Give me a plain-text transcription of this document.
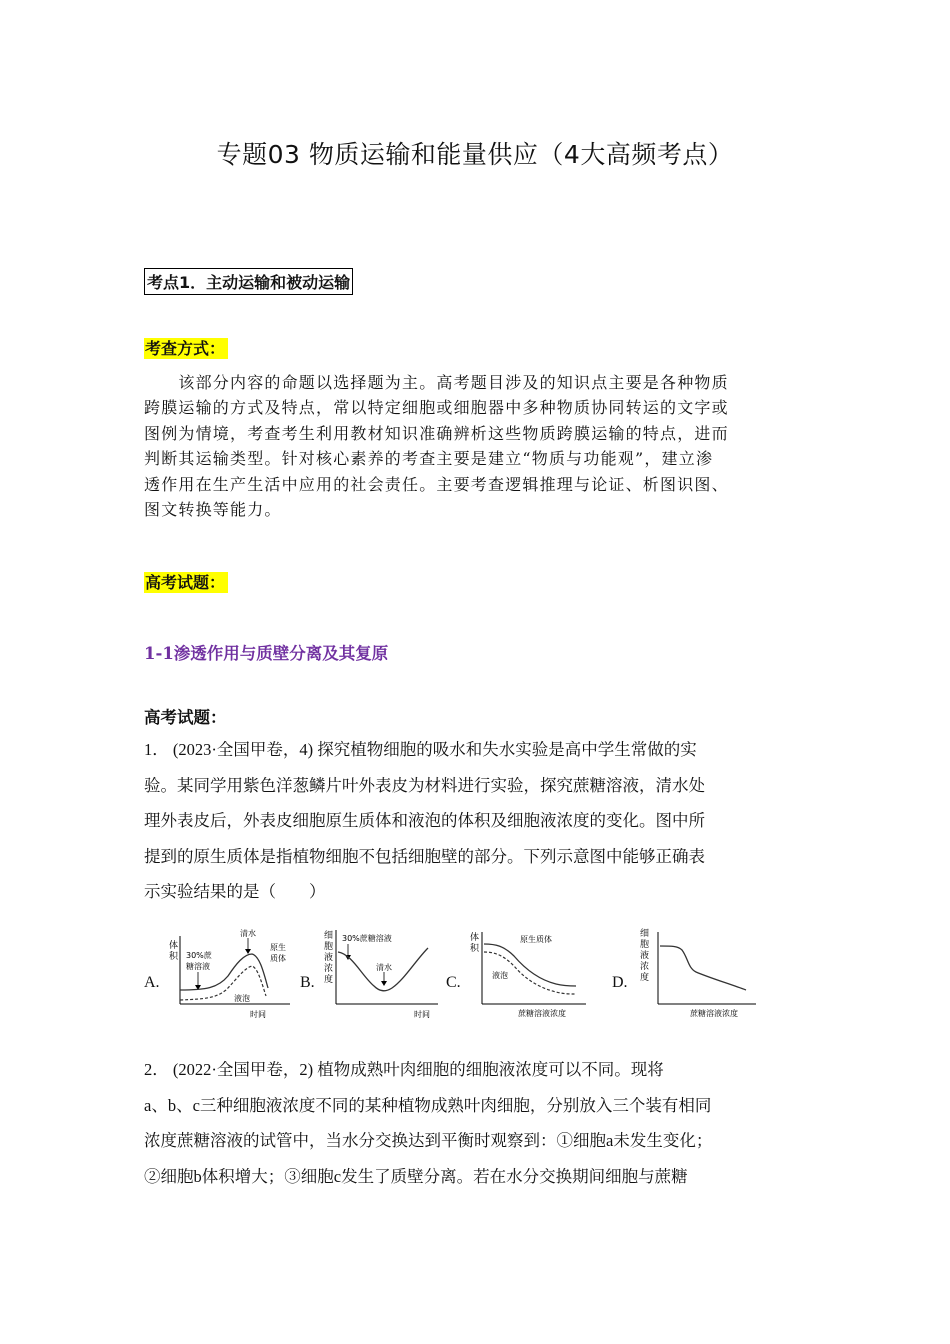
专题03 物质运输和能量供应（4大高频考点）
考点1．主动运输和被动运输
考查方式：

　　该部分内容的命题以选择题为主。高考题目涉及的知识点主要是各种物质

跨膜运输的方式及特点，常以特定细胞或细胞器中多种物质协同转运的文字或

图例为情境，考查考生利用教材知识准确辨析这些物质跨膜运输的特点，进而

判断其运输类型。针对核心素养的考查主要是建立“物质与功能观”，建立渗

透作用在生产生活中应用的社会责任。主要考查逻辑推理与论证、析图识图、

图文转换等能力。

高考试题：
1-1渗透作用与质壁分离及其复原
高考试题：
1． (2023·全国甲卷，4) 探究植物细胞的吸水和失水实验是高中学生常做的实
验。某同学用紫色洋葱鳞片叶外表皮为材料进行实验，探究蔗糖溶液，清水处
理外表皮后，外表皮细胞原生质体和液泡的体积及细胞液浓度的变化。图中所
提到的原生质体是指植物细胞不包括细胞壁的部分。下列示意图中能够正确表
示实验结果的是（　　）
A.
体
积 30%蔗
糖溶液
清水
原生
质体
液泡
时间
B.
细
胞
液
浓
度
30%蔗糖溶液
清水
时间
C.
体
积
原生质体
液泡
蔗糖溶液浓度
D.
细
胞
液
浓
度
蔗糖溶液浓度
2． (2022·全国甲卷，2) 植物成熟叶肉细胞的细胞液浓度可以不同。现将
a、b、c三种细胞液浓度不同的某种植物成熟叶肉细胞，分别放入三个装有相同
浓度蔗糖溶液的试管中，当水分交换达到平衡时观察到：①细胞a未发生变化；
②细胞b体积增大；③细胞c发生了质壁分离。若在水分交换期间细胞与蔗糖
